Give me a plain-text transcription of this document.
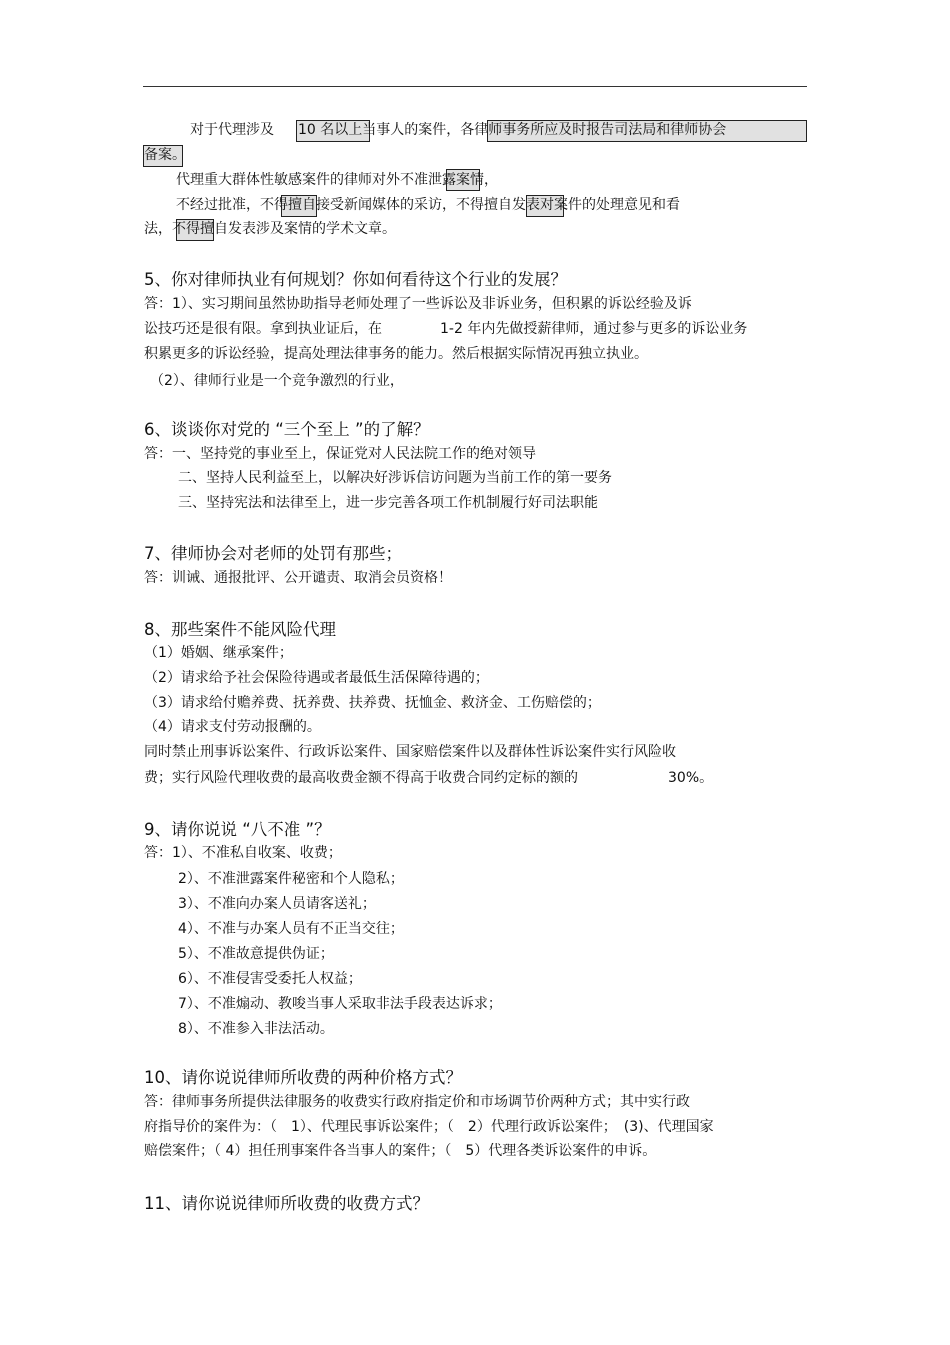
对于代理涉及 10 名以上当事人的案件，各律师事务所应及时报告司法局和律师协会
备案。
代理重大群体性敏感案件的律师对外不准泄露案情，
不经过批准，不得擅自接受新闻媒体的采访，不得擅自发表对案件的处理意见和看
法，不得擅自发表涉及案情的学术文章。
5、你对律师执业有何规划？你如何看待这个行业的发展？
答：1）、实习期间虽然协助指导老师处理了一些诉讼及非诉业务，但积累的诉讼经验及诉
讼技巧还是很有限。拿到执业证后，在	1-2 年内先做授薪律师，通过参与更多的诉讼业务
积累更多的诉讼经验，提高处理法律事务的能力。然后根据实际情况再独立执业。
（2）、律师行业是一个竞争激烈的行业，
6、谈谈你对党的 “三个至上 ”的了解？
答：一、坚持党的事业至上，保证党对人民法院工作的绝对领导
二、坚持人民利益至上，以解决好涉诉信访问题为当前工作的第一要务
三、坚持宪法和法律至上，进一步完善各项工作机制履行好司法职能
7、律师协会对老师的处罚有那些；
答：训诫、通报批评、公开谴责、取消会员资格！
8、那些案件不能风险代理
（1）婚姻、继承案件；
（2）请求给予社会保险待遇或者最低生活保障待遇的；
（3）请求给付赡养费、抚养费、扶养费、抚恤金、救济金、工伤赔偿的；
（4）请求支付劳动报酬的。
同时禁止刑事诉讼案件、行政诉讼案件、国家赔偿案件以及群体性诉讼案件实行风险收
费；实行风险代理收费的最高收费金额不得高于收费合同约定标的额的	30%。
9、请你说说 “八不准 ”？
答：1）、不准私自收案、收费；
2）、不准泄露案件秘密和个人隐私；
3）、不准向办案人员请客送礼；
4）、不准与办案人员有不正当交往；
5）、不准故意提供伪证；
6）、不准侵害受委托人权益；
7）、不准煽动、教唆当事人采取非法手段表达诉求；
8）、不准参入非法活动。
10、请你说说律师所收费的两种价格方式？
答：律师事务所提供法律服务的收费实行政府指定价和市场调节价两种方式；其中实行政
府指导价的案件为：（　1）、代理民事诉讼案件；（　2）代理行政诉讼案件；　(3)、代理国家
赔偿案件；（ 4）担任刑事案件各当事人的案件；（　5）代理各类诉讼案件的申诉。
11、请你说说律师所收费的收费方式？
